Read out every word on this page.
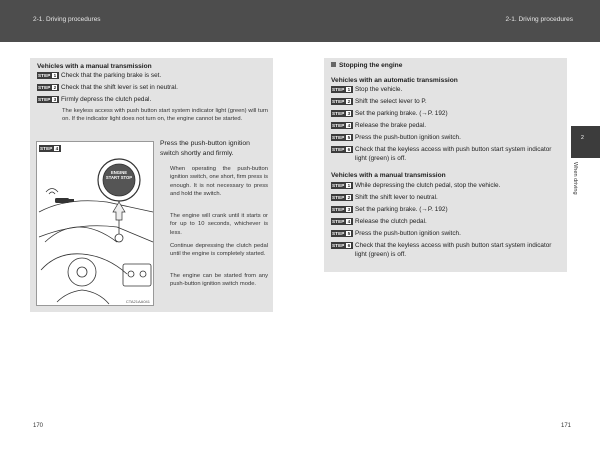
2-1. Driving procedures	2-1. Driving procedures
Vehicles with a manual transmission
STEP 1 Check that the parking brake is set.
STEP 2 Check that the shift lever is set in neutral.
STEP 3 Firmly depress the clutch pedal.
The keyless access with push button start system indicator light (green) will turn on. If the indicator light does not turn on, the engine cannot be started.
STEP 4
ENGINE START STOP
CTA21AA041
Press the push-button ignition switch shortly and firmly.
When operating the push-button ignition switch, one short, firm press is enough. It is not necessary to press and hold the switch.
The engine will crank until it starts or for up to 10 seconds, whichever is less.
Continue depressing the clutch pedal until the engine is completely started.
The engine can be started from any push-button ignition switch mode.
Stopping the engine
Vehicles with an automatic transmission
STEP 1 Stop the vehicle.
STEP 2 Shift the select lever to P.
STEP 3 Set the parking brake. (→P. 192)
STEP 4 Release the brake pedal.
STEP 5 Press the push-button ignition switch.
STEP 6 Check that the keyless access with push button start system indicator light (green) is off.
Vehicles with a manual transmission
STEP 1 While depressing the clutch pedal, stop the vehicle.
STEP 2 Shift the shift lever to neutral.
STEP 3 Set the parking brake. (→P. 192)
STEP 4 Release the clutch pedal.
STEP 5 Press the push-button ignition switch.
STEP 6 Check that the keyless access with push button start system indicator light (green) is off.
2
When driving
170	171
